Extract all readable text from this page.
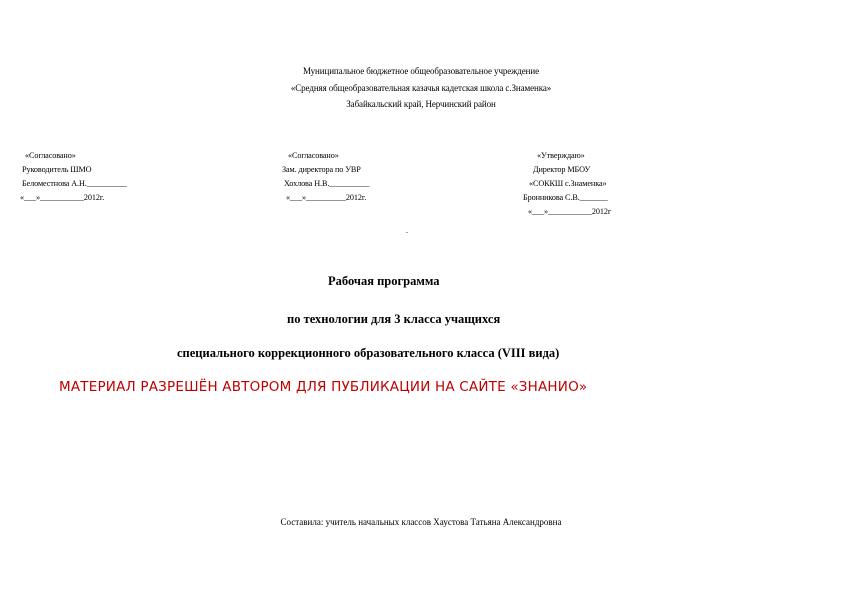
Муниципальное бюджетное общеобразовательное учреждение
«Средняя общеобразовательная казачья кадетская школа с.Знаменка»
Забайкальский край, Нерчинский район
«Согласовано»
Руководитель ШМО
Беломестнова А.Н.__________
«___»___________2012г.
«Согласовано»
Зам. директора по УВР
Хохлова Н.В.__________
«___»__________2012г.
«Утверждаю»
Директор МБОУ
«СОККШ с.Знаменка»
Бронникова С.В._______
«___»___________2012г
.
Рабочая программа
по технологии для 3 класса учащихся
специального коррекционного образовательного класса (VIII вида)
МАТЕРИАЛ РАЗРЕШЁН АВТОРОМ ДЛЯ ПУБЛИКАЦИИ НА САЙТЕ «ЗНАНИО»
Составила: учитель начальных классов Хаустова Татьяна Александровна
